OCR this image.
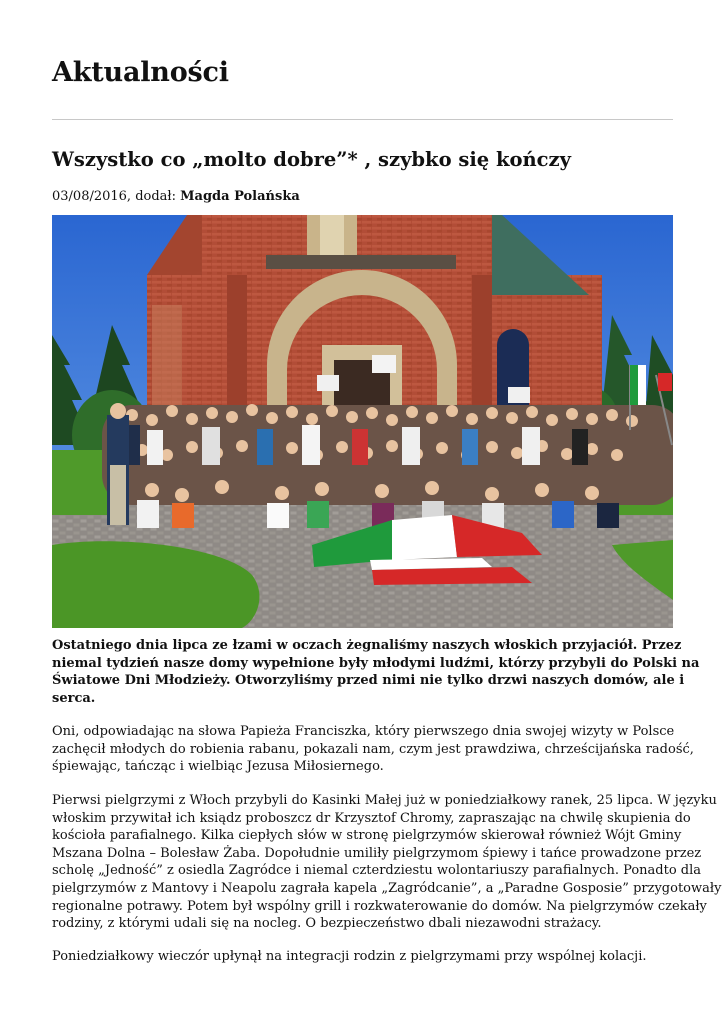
Aktualności
Wszystko co „molto dobre”* , szybko się kończy
03/08/2016, dodał: Magda Polańska

Ostatniego dnia lipca ze łzami w oczach żegnaliśmy naszych włoskich przyjaciół. Przez
niemal tydzień nasze domy wypełnione były młodymi ludźmi, którzy przybyli do Polski na
Światowe Dni Młodzieży. Otworzyliśmy przed nimi nie tylko drzwi naszych domów, ale i
serca.

Oni, odpowiadając na słowa Papieża Franciszka, który pierwszego dnia swojej wizyty w Polsce
zachęcił młodych do robienia rabanu, pokazali nam, czym jest prawdziwa, chrześcijańska radość,
śpiewając, tańcząc i wielbiąc Jezusa Miłosiernego.

Pierwsi pielgrzymi z Włoch przybyli do Kasinki Małej już w poniedziałkowy ranek, 25 lipca. W języku
włoskim przywitał ich ksiądz proboszcz dr Krzysztof Chromy, zapraszając na chwilę skupienia do
kościoła parafialnego. Kilka ciepłych słów w stronę pielgrzymów skierował również Wójt Gminy
Mszana Dolna – Bolesław Żaba. Dopołudnie umiliły pielgrzymom śpiewy i tańce prowadzone przez
scholę „Jedność” z osiedla Zagródce i niemal czterdziestu wolontariuszy parafialnych. Ponadto dla
pielgrzymów z Mantovy i Neapolu zagrała kapela „Zagródcanie”, a „Paradne Gosposie” przygotowały
regionalne potrawy. Potem był wspólny grill i rozkwaterowanie do domów. Na pielgrzymów czekały
rodziny, z którymi udali się na nocleg. O bezpieczeństwo dbali niezawodni strażacy.

Poniedziałkowy wieczór upłynął na integracji rodzin z pielgrzymami przy wspólnej kolacji.
